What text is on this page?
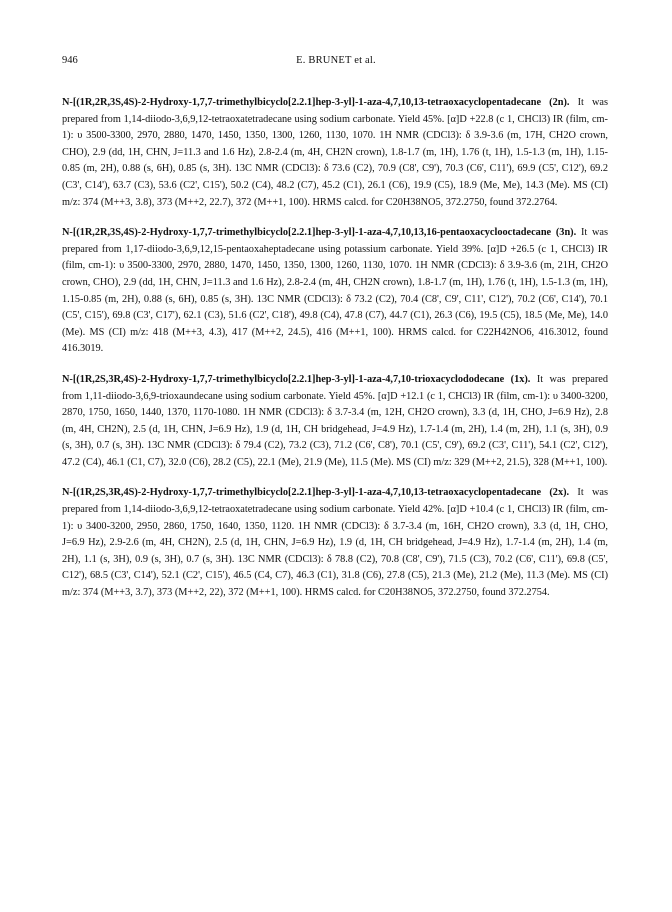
946	E. BRUNET et al.

N-[(1R,2R,3S,4S)-2-Hydroxy-1,7,7-trimethylbicyclo[2.2.1]hep-3-yl]-1-aza-4,7,10,13-tetraoxacyclopentadecane (2n). It was prepared from 1,14-diiodo-3,6,9,12-tetraoxatetradecane using sodium carbonate. Yield 45%. [α]D +22.8 (c 1, CHCl3) IR (film, cm-1): υ 3500-3300, 2970, 2880, 1470, 1450, 1350, 1300, 1260, 1130, 1070. 1H NMR (CDCl3): δ 3.9-3.6 (m, 17H, CH2O crown, CHO), 2.9 (dd, 1H, CHN, J=11.3 and 1.6 Hz), 2.8-2.4 (m, 4H, CH2N crown), 1.8-1.7 (m, 1H), 1.76 (t, 1H), 1.5-1.3 (m, 1H), 1.15-0.85 (m, 2H), 0.88 (s, 6H), 0.85 (s, 3H). 13C NMR (CDCl3): δ 73.6 (C2), 70.9 (C8', C9'), 70.3 (C6', C11'), 69.9 (C5', C12'), 69.2 (C3', C14'), 63.7 (C3), 53.6 (C2', C15'), 50.2 (C4), 48.2 (C7), 45.2 (C1), 26.1 (C6), 19.9 (C5), 18.9 (Me, Me), 14.3 (Me). MS (CI) m/z: 374 (M++3, 3.8), 373 (M++2, 22.7), 372 (M++1, 100). HRMS calcd. for C20H38NO5, 372.2750, found 372.2764.

N-[(1R,2R,3S,4S)-2-Hydroxy-1,7,7-trimethylbicyclo[2.2.1]hep-3-yl]-1-aza-4,7,10,13,16-pentaoxacyclooctadecane (3n). It was prepared from 1,17-diiodo-3,6,9,12,15-pentaoxaheptadecane using potassium carbonate. Yield 39%. [α]D +26.5 (c 1, CHCl3) IR (film, cm-1): υ 3500-3300, 2970, 2880, 1470, 1450, 1350, 1300, 1260, 1130, 1070. 1H NMR (CDCl3): δ 3.9-3.6 (m, 21H, CH2O crown, CHO), 2.9 (dd, 1H, CHN, J=11.3 and 1.6 Hz), 2.8-2.4 (m, 4H, CH2N crown), 1.8-1.7 (m, 1H), 1.76 (t, 1H), 1.5-1.3 (m, 1H), 1.15-0.85 (m, 2H), 0.88 (s, 6H), 0.85 (s, 3H). 13C NMR (CDCl3): δ 73.2 (C2), 70.4 (C8', C9', C11', C12'), 70.2 (C6', C14'), 70.1 (C5', C15'), 69.8 (C3', C17'), 62.1 (C3), 51.6 (C2', C18'), 49.8 (C4), 47.8 (C7), 44.7 (C1), 26.3 (C6), 19.5 (C5), 18.5 (Me, Me), 14.0 (Me). MS (CI) m/z: 418 (M++3, 4.3), 417 (M++2, 24.5), 416 (M++1, 100). HRMS calcd. for C22H42NO6, 416.3012, found 416.3019.

N-[(1R,2S,3R,4S)-2-Hydroxy-1,7,7-trimethylbicyclo[2.2.1]hep-3-yl]-1-aza-4,7,10-trioxacyclododecane (1x). It was prepared from 1,11-diiodo-3,6,9-trioxaundecane using sodium carbonate. Yield 45%. [α]D +12.1 (c 1, CHCl3) IR (film, cm-1): υ 3400-3200, 2870, 1750, 1650, 1440, 1370, 1170-1080. 1H NMR (CDCl3): δ 3.7-3.4 (m, 12H, CH2O crown), 3.3 (d, 1H, CHO, J=6.9 Hz), 2.8 (m, 4H, CH2N), 2.5 (d, 1H, CHN, J=6.9 Hz), 1.9 (d, 1H, CH bridgehead, J=4.9 Hz), 1.7-1.4 (m, 2H), 1.4 (m, 2H), 1.1 (s, 3H), 0.9 (s, 3H), 0.7 (s, 3H). 13C NMR (CDCl3): δ 79.4 (C2), 73.2 (C3), 71.2 (C6', C8'), 70.1 (C5', C9'), 69.2 (C3', C11'), 54.1 (C2', C12'), 47.2 (C4), 46.1 (C1, C7), 32.0 (C6), 28.2 (C5), 22.1 (Me), 21.9 (Me), 11.5 (Me). MS (CI) m/z: 329 (M++2, 21.5), 328 (M++1, 100).

N-[(1R,2S,3R,4S)-2-Hydroxy-1,7,7-trimethylbicyclo[2.2.1]hep-3-yl]-1-aza-4,7,10,13-tetraoxacyclopentadecane (2x). It was prepared from 1,14-diiodo-3,6,9,12-tetraoxatetradecane using sodium carbonate. Yield 42%. [α]D +10.4 (c 1, CHCl3) IR (film, cm-1): υ 3400-3200, 2950, 2860, 1750, 1640, 1350, 1120. 1H NMR (CDCl3): δ 3.7-3.4 (m, 16H, CH2O crown), 3.3 (d, 1H, CHO, J=6.9 Hz), 2.9-2.6 (m, 4H, CH2N), 2.5 (d, 1H, CHN, J=6.9 Hz), 1.9 (d, 1H, CH bridgehead, J=4.9 Hz), 1.7-1.4 (m, 2H), 1.4 (m, 2H), 1.1 (s, 3H), 0.9 (s, 3H), 0.7 (s, 3H). 13C NMR (CDCl3): δ 78.8 (C2), 70.8 (C8', C9'), 71.5 (C3), 70.2 (C6', C11'), 69.8 (C5', C12'), 68.5 (C3', C14'), 52.1 (C2', C15'), 46.5 (C4, C7), 46.3 (C1), 31.8 (C6), 27.8 (C5), 21.3 (Me), 21.2 (Me), 11.3 (Me). MS (CI) m/z: 374 (M++3, 3.7), 373 (M++2, 22), 372 (M++1, 100). HRMS calcd. for C20H38NO5, 372.2750, found 372.2754.
